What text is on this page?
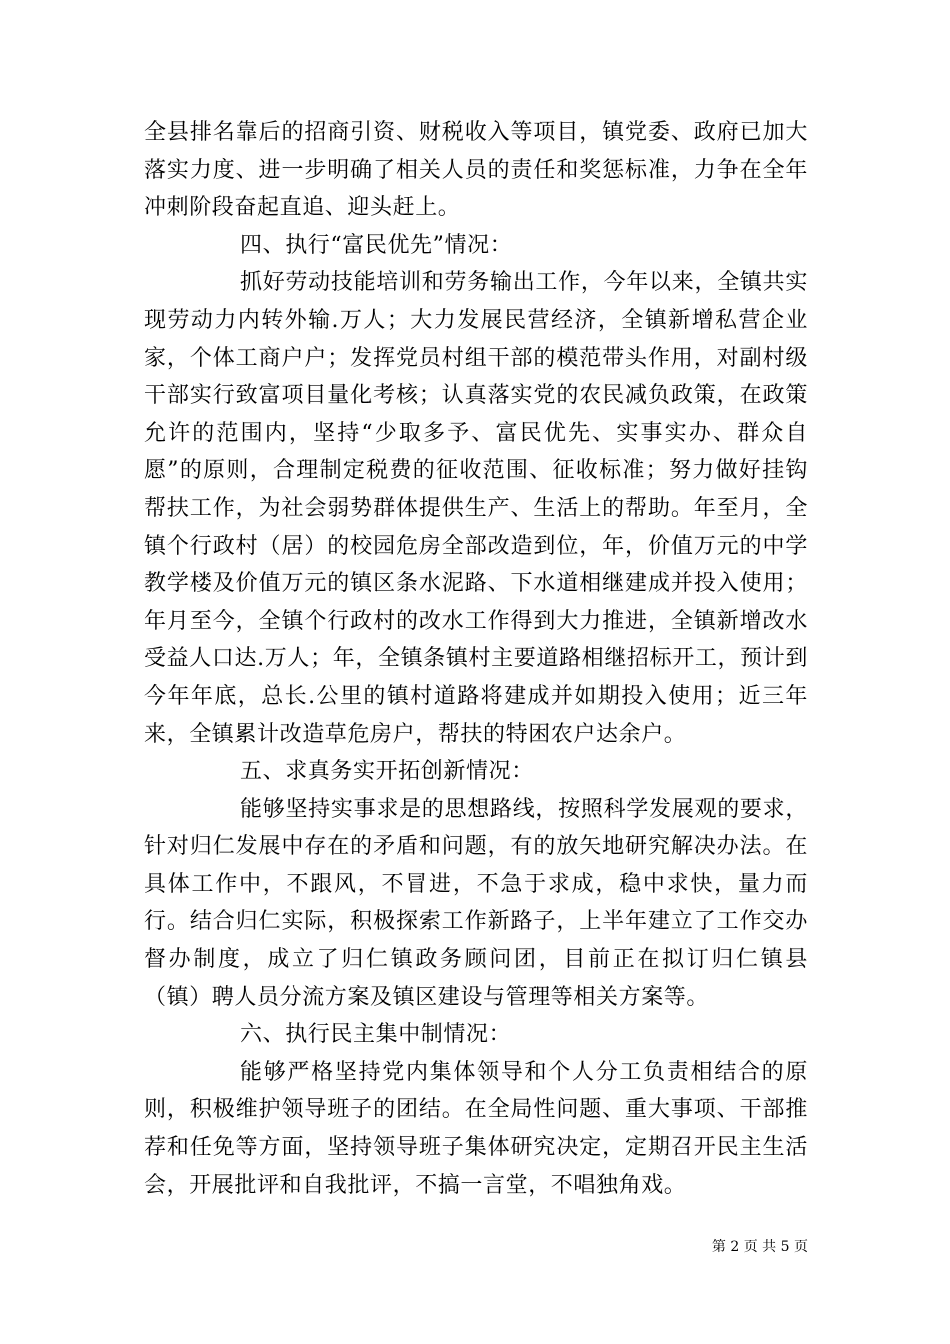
全县排名靠后的招商引资、财税收入等项目，镇党委、政府已加大落实力度、进一步明确了相关人员的责任和奖惩标准，力争在全年冲刺阶段奋起直追、迎头赶上。

四、执行“富民优先”情况：

抓好劳动技能培训和劳务输出工作，今年以来，全镇共实现劳动力内转外输.万人；大力发展民营经济，全镇新增私营企业家，个体工商户户；发挥党员村组干部的模范带头作用，对副村级干部实行致富项目量化考核；认真落实党的农民减负政策，在政策允许的范围内，坚持“少取多予、富民优先、实事实办、群众自愿”的原则，合理制定税费的征收范围、征收标准；努力做好挂钩帮扶工作，为社会弱势群体提供生产、生活上的帮助。年至月，全镇个行政村（居）的校园危房全部改造到位，年，价值万元的中学教学楼及价值万元的镇区条水泥路、下水道相继建成并投入使用；年月至今，全镇个行政村的改水工作得到大力推进，全镇新增改水受益人口达.万人；年，全镇条镇村主要道路相继招标开工，预计到今年年底，总长.公里的镇村道路将建成并如期投入使用；近三年来，全镇累计改造草危房户，帮扶的特困农户达余户。

五、求真务实开拓创新情况：

能够坚持实事求是的思想路线，按照科学发展观的要求，针对归仁发展中存在的矛盾和问题，有的放矢地研究解决办法。在具体工作中，不跟风，不冒进，不急于求成，稳中求快，量力而行。结合归仁实际，积极探索工作新路子，上半年建立了工作交办督办制度，成立了归仁镇政务顾问团，目前正在拟订归仁镇县（镇）聘人员分流方案及镇区建设与管理等相关方案等。

六、执行民主集中制情况：

能够严格坚持党内集体领导和个人分工负责相结合的原则，积极维护领导班子的团结。在全局性问题、重大事项、干部推荐和任免等方面，坚持领导班子集体研究决定，定期召开民主生活会，开展批评和自我批评，不搞一言堂，不唱独角戏。

第 2 页 共 5 页
